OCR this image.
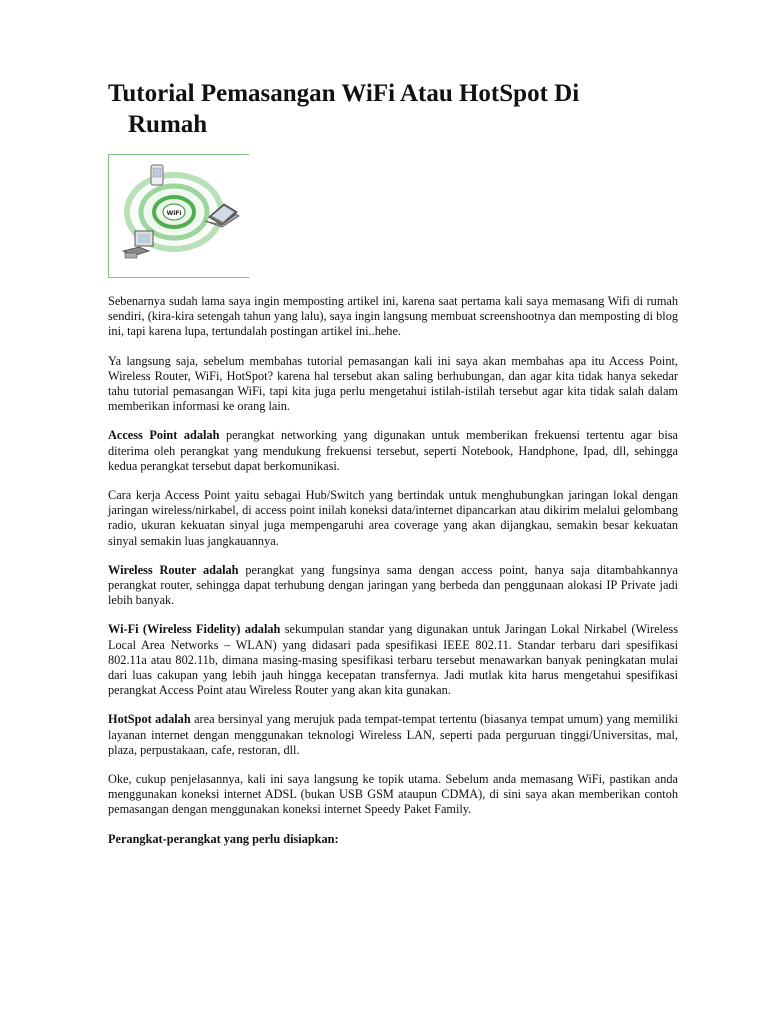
Tutorial Pemasangan WiFi Atau HotSpot Di
Rumah
WiFi

Sebenarnya sudah lama saya ingin memposting artikel ini, karena saat pertama kali saya memasang Wifi di rumah sendiri, (kira-kira setengah tahun yang lalu), saya ingin langsung membuat screenshootnya dan memposting di blog ini, tapi karena lupa, tertundalah postingan artikel ini..hehe.

Ya langsung saja, sebelum membahas tutorial pemasangan kali ini saya akan membahas apa itu Access Point, Wireless Router, WiFi, HotSpot? karena hal tersebut akan saling berhubungan, dan agar kita tidak hanya sekedar tahu tutorial pemasangan WiFi, tapi kita juga perlu mengetahui istilah-istilah tersebut agar kita tidak salah dalam memberikan informasi ke orang lain.

Access Point adalah perangkat networking yang digunakan untuk memberikan frekuensi tertentu agar bisa diterima oleh perangkat yang mendukung frekuensi tersebut, seperti Notebook, Handphone, Ipad, dll, sehingga kedua perangkat tersebut dapat berkomunikasi.

Cara kerja Access Point yaitu sebagai Hub/Switch yang bertindak untuk menghubungkan jaringan lokal dengan jaringan wireless/nirkabel, di access point inilah koneksi data/internet dipancarkan atau dikirim melalui gelombang radio, ukuran kekuatan sinyal juga mempengaruhi area coverage yang akan dijangkau, semakin besar kekuatan sinyal semakin luas jangkauannya.

Wireless Router adalah perangkat yang fungsinya sama dengan access point, hanya saja ditambahkannya perangkat router, sehingga dapat terhubung dengan jaringan yang berbeda dan penggunaan alokasi IP Private jadi lebih banyak.

Wi-Fi (Wireless Fidelity) adalah sekumpulan standar yang digunakan untuk Jaringan Lokal Nirkabel (Wireless Local Area Networks – WLAN) yang didasari pada spesifikasi IEEE 802.11. Standar terbaru dari spesifikasi 802.11a atau 802.11b, dimana masing-masing spesifikasi terbaru tersebut menawarkan banyak peningkatan mulai dari luas cakupan yang lebih jauh hingga kecepatan transfernya. Jadi mutlak kita harus mengetahui spesifikasi perangkat Access Point atau Wireless Router yang akan kita gunakan.

HotSpot adalah area bersinyal yang merujuk pada tempat-tempat tertentu (biasanya tempat umum) yang memiliki layanan internet dengan menggunakan teknologi Wireless LAN, seperti pada perguruan tinggi/Universitas, mal, plaza, perpustakaan, cafe, restoran, dll.

Oke, cukup penjelasannya, kali ini saya langsung ke topik utama. Sebelum anda memasang WiFi, pastikan anda menggunakan koneksi internet ADSL (bukan USB GSM ataupun CDMA), di sini saya akan memberikan contoh pemasangan dengan menggunakan koneksi internet Speedy Paket Family.

Perangkat-perangkat yang perlu disiapkan:
